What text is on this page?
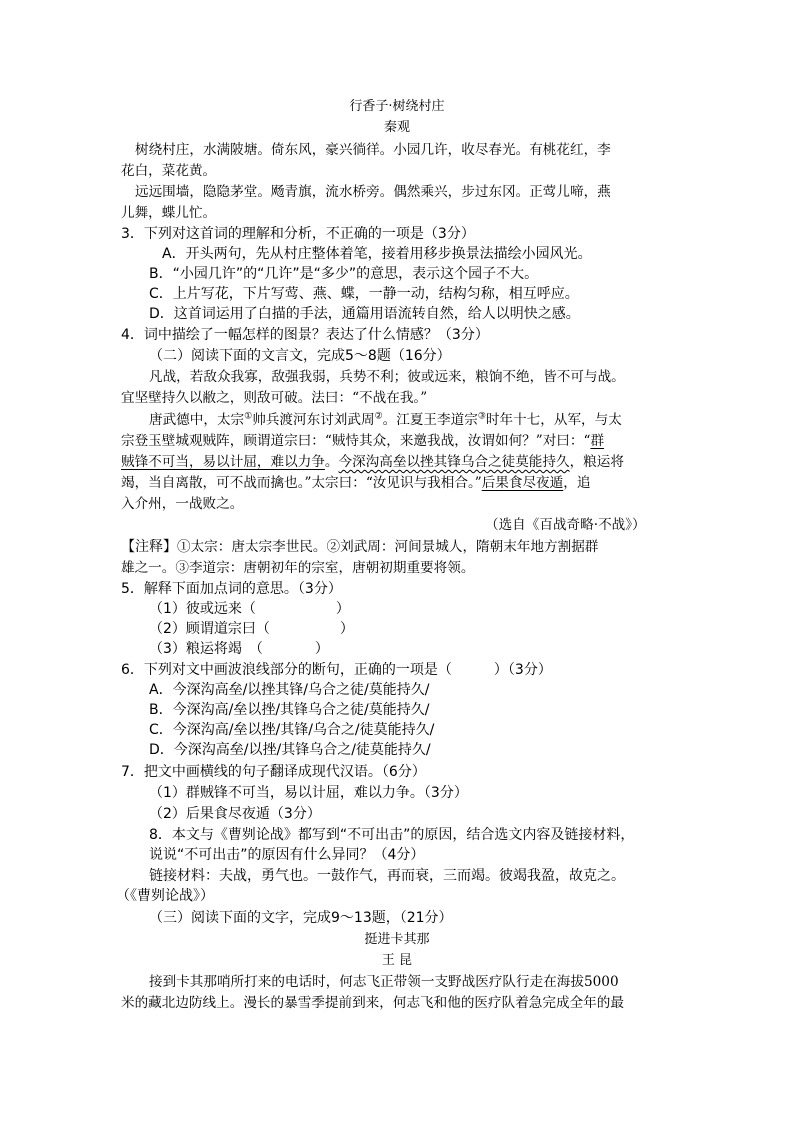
行香子·树绕村庄
秦观
树绕村庄，水满陂塘。倚东风，豪兴徜徉。小园几许，收尽春光。有桃花红，李
花白，菜花黄。
远远围墙，隐隐茅堂。飏青旗，流水桥旁。偶然乘兴，步过东冈。正莺儿啼，燕
儿舞，蝶儿忙。
3．下列对这首词的理解和分析，不正确的一项是（3分）
A．开头两句，先从村庄整体着笔，接着用移步换景法描绘小园风光。
B．“小园几许”的“几许”是“多少”的意思，表示这个园子不大。
C．上片写花，下片写莺、燕、蝶，一静一动，结构匀称，相互呼应。
D．这首词运用了白描的手法，通篇用语流转自然，给人以明快之感。
4．词中描绘了一幅怎样的图景？表达了什么情感？（3分）
（二）阅读下面的文言文，完成5～8题（16分）
凡战，若敌众我寡，敌强我弱，兵势不利；彼或远来，粮饷不绝，皆不可与战。
宜坚壁持久以敝之，则敌可破。法曰：“不战在我。”
唐武德中，太宗①帅兵渡河东讨刘武周②。江夏王李道宗③时年十七，从军，与太
宗登玉壁城观贼阵，顾谓道宗曰：“贼恃其众，来邀我战，汝谓如何？”对曰：“群
贼锋不可当，易以计屈，难以力争。今深沟高垒以挫其锋乌合之徒莫能持久，粮运将
竭，当自离散，可不战而擒也。”太宗曰：“汝见识与我相合。”后果食尽夜遁，追
入介州，一战败之。
（选自《百战奇略·不战》）
【注释】①太宗：唐太宗李世民。②刘武周：河间景城人，隋朝末年地方割据群
雄之一。③李道宗：唐朝初年的宗室，唐朝初期重要将领。
5．解释下面加点词的意思。（3分）
（1）彼或远来（	）
（2）顾谓道宗曰（	）
（3）粮运将竭　（	）
6．下列对文中画波浪线部分的断句，正确的一项是（　　　）（3分）
A．今深沟高垒/以挫其锋/乌合之徒/莫能持久/
B．今深沟高/垒以挫/其锋乌合之徒/莫能持久/
C．今深沟高/垒以挫/其锋/乌合之/徒莫能持久/
D．今深沟高垒/以挫/其锋乌合之/徒莫能持久/
7．把文中画横线的句子翻译成现代汉语。（6分）
（1）群贼锋不可当，易以计屈，难以力争。（3分）
（2）后果食尽夜遁（3分）
8．本文与《曹刿论战》都写到“不可出击”的原因，结合选文内容及链接材料，
说说“不可出击”的原因有什么异同？（4分）
链接材料：夫战，勇气也。一鼓作气，再而衰，三而竭。彼竭我盈，故克之。
（《曹刿论战》）
（三）阅读下面的文字，完成9～13题，（21分）
挺进卡其那
王 昆
接到卡其那哨所打来的电话时，何志飞正带领一支野战医疗队行走在海拔5000
米的藏北边防线上。漫长的暴雪季提前到来，何志飞和他的医疗队着急完成全年的最
